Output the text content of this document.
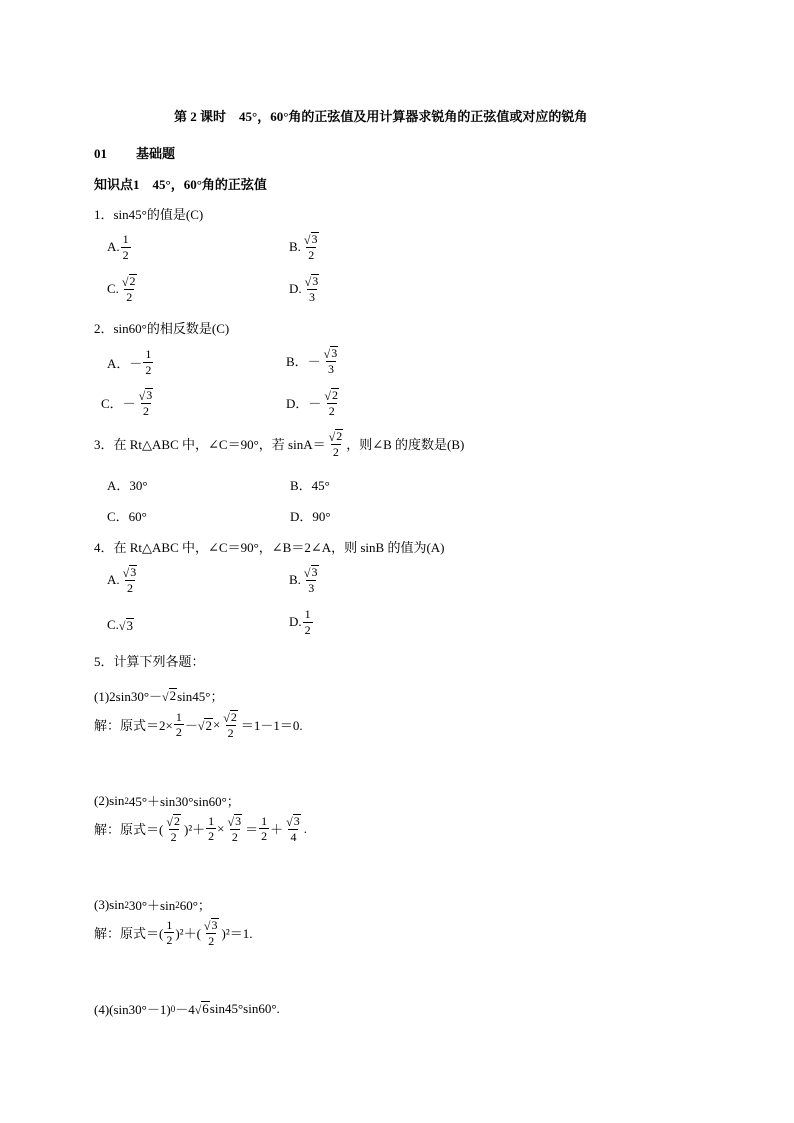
第 2 课时　45°，60°角的正弦值及用计算器求锐角的正弦值或对应的锐角
01 基础题
知识点1　45°，60°角的正弦值
1．sin45°的值是(C)
A. $\frac{1}{2}$	B. $\frac{√ 3}{2}$
C. $\frac{√ 2}{2}$	D. $\frac{√ 3}{3}$
2．sin60°的相反数是(C)
A．－ $\frac{1}{2}$	B．－ $\frac{√ 3}{3}$
C．－ $\frac{√ 3}{2}$	D．－ $\frac{√ 2}{2}$
3．在 Rt△ABC 中，∠C＝90°，若 $\sin A= \frac{√ 2}{2}$ ，则∠B 的度数是(B)
A．30°	B．45°
C．60°	D．90°
4．在 Rt△ABC 中，∠C＝90°，∠B＝2∠A，则 sinB 的值为(A)
A. $\frac{√ 3}{2}$	B. $\frac{√ 3}{3}$
C. √ 3	D. $\frac{1}{2}$
5．计算下列各题：
(1)2sin30°－ √ 2 sin45°；
解：原式$=2\times \frac{1}{2}$ － √ $2 \times \frac{√ 2}{2} =1-1=0$.
(2)sin 2 45°＋sin30°sin60°；
解：原式＝( $\frac{√ 2}{2} )^2+ \frac{1}{2} \times \frac{√ 3}{2} = \frac{1}{2} + \frac{√ 3}{4}$ .
(3)sin 2 30°＋sin 2 60°；
解：原式＝( $\frac{1}{2} )^2+( \frac{√ 3}{2} )^2=1$.
(4)(sin30°－1) 0 －4 √ 6 sin45°sin60°.
